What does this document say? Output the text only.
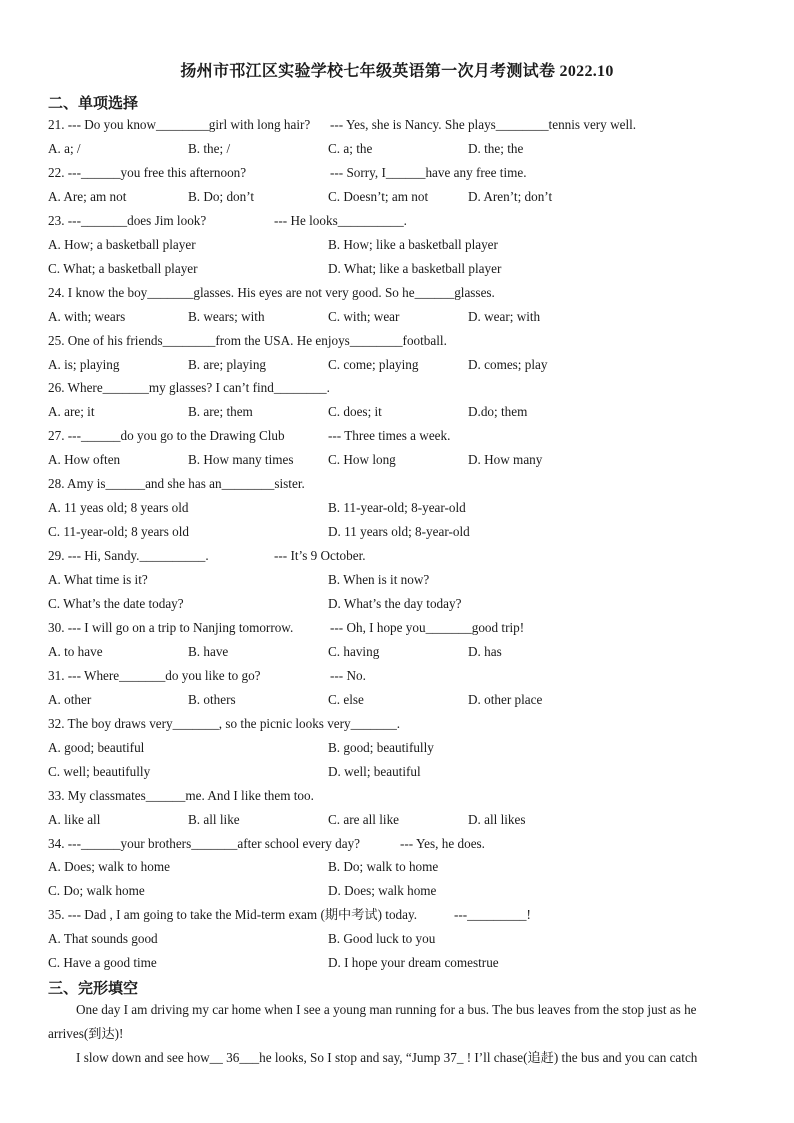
扬州市邗江区实验学校七年级英语第一次月考测试卷 2022.10
二、单项选择
21. --- Do you know________girl with long hair? --- Yes, she is Nancy. She plays________tennis very well.
A. a; /	B. the; /	C. a; the	D. the; the
22. ---______you free this afternoon?	--- Sorry, I______have any free time.
A. Are; am not	B. Do; don’t	C. Doesn’t; am not	D. Aren’t; don’t
23. ---_______does Jim look?	--- He looks__________.
A. How; a basketball player	B. How; like a basketball player
C. What; a basketball player	D. What; like a basketball player
24. I know the boy_______glasses. His eyes are not very good. So he______glasses.
A. with; wears	B. wears; with	C. with; wear	D. wear; with
25. One of his friends________from the USA. He enjoys________football.
A. is; playing	B. are; playing	C. come; playing	D. comes; play
26. Where_______my glasses? I can’t find________.
A. are; it	B. are; them	C. does; it	D.do; them
27. ---______do you go to the Drawing Club	--- Three times a week.
A. How often	B. How many times	C. How long	D. How many
28. Amy is______and she has an________sister.
A. 11 yeas old; 8 years old	B. 11-year-old; 8-year-old
C. 11-year-old; 8 years old	D. 11 years old; 8-year-old
29. --- Hi, Sandy.__________.	--- It’s 9 October.
A. What time is it?	B. When is it now?
C. What’s the date today?	D. What’s the day today?
30. --- I will go on a trip to Nanjing tomorrow.	--- Oh, I hope you_______good trip!
A. to have	B. have	C. having	D. has
31. --- Where_______do you like to go?	--- No.
A. other	B. others	C. else	D. other place
32. The boy draws very_______, so the picnic looks very_______.
A. good; beautiful	B. good; beautifully
C. well; beautifully	D. well; beautiful
33. My classmates______me. And I like them too.
A. like all	B. all like	C. are all like	D. all likes
34. ---______your brothers_______after school every day?	--- Yes, he does.
A. Does; walk to home	B. Do; walk to home
C. Do; walk home	D. Does; walk home
35. --- Dad , I am going to take the Mid-term exam (期中考试) today.	---_________!
A. That sounds good	B. Good luck to you
C. Have a good time	D. I hope your dream comestrue
三、完形填空
One day I am driving my car home when I see a young man running for a bus. The bus leaves from the stop just as he arrives(到达)!
I slow down and see how__ 36___he looks, So I stop and say, “Jump 37_ ! I’ll chase(追赶) the bus and you can catch
